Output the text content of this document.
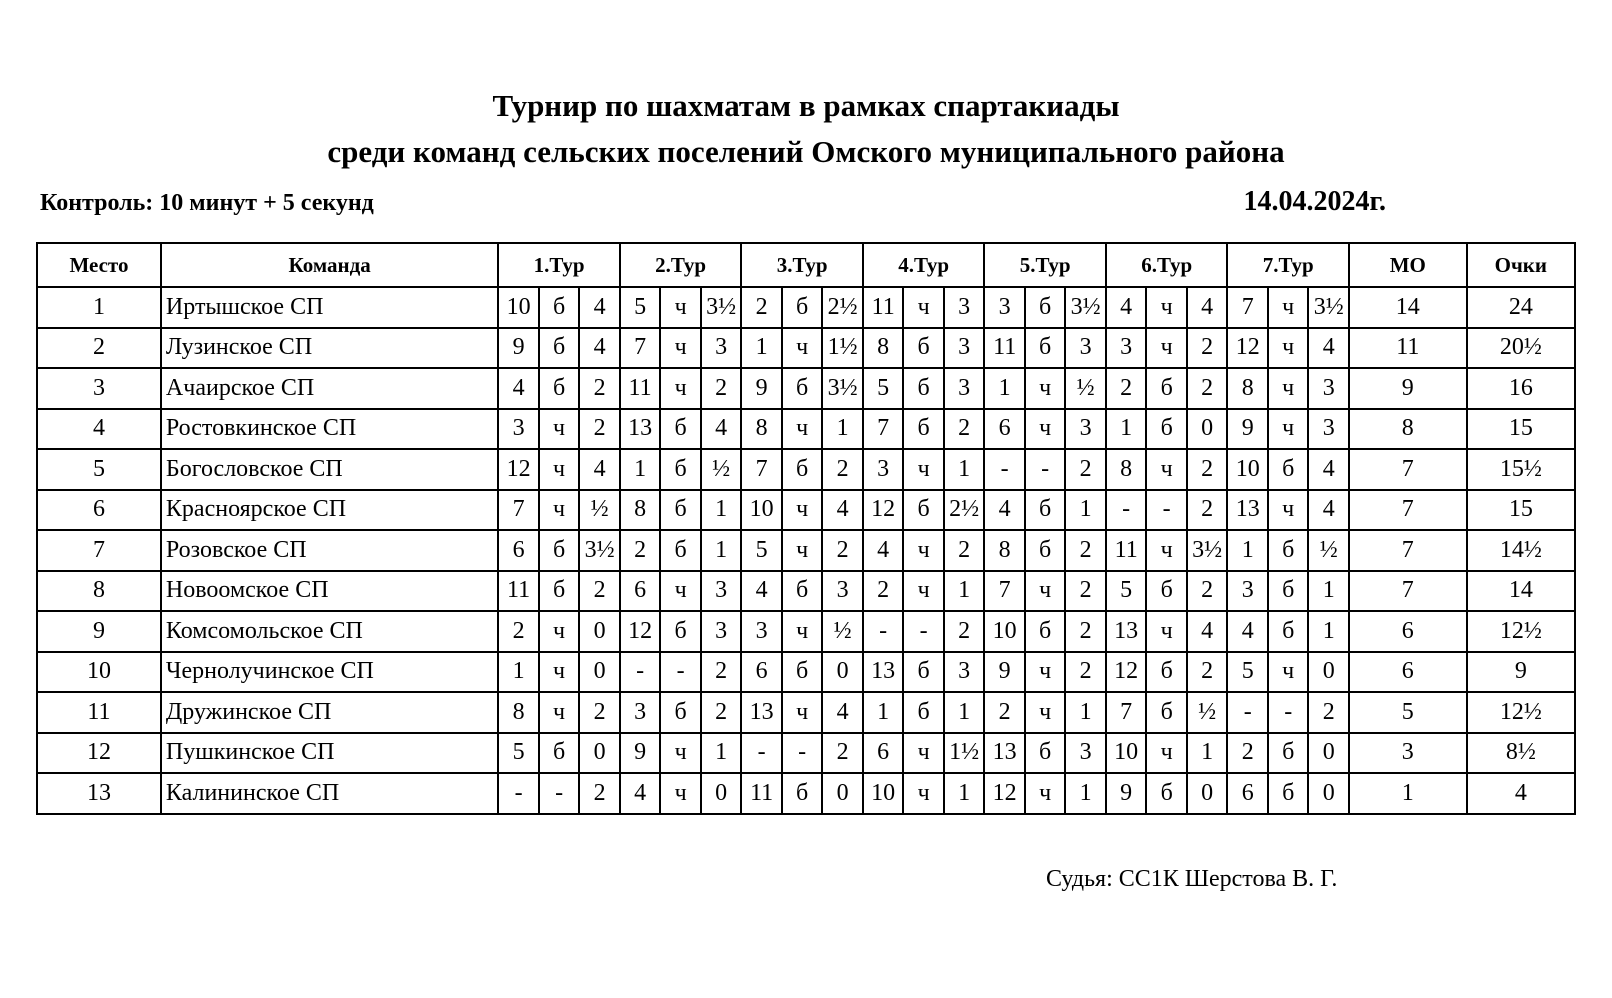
Турнир по шахматам в рамках спартакиады
среди команд сельских поселений Омского муниципального района
Контроль: 10 минут + 5 секунд	14.04.2024г.
Место	Команда	1.Тур			2.Тур			3.Тур			4.Тур			5.Тур			6.Тур			7.Тур			МО	Очки
1	Иртышское СП	10	б	4	5	ч	3½	2	б	2½	11	ч	3	3	б	3½	4	ч	4	7	ч	3½	14	24
2	Лузинское СП	9	б	4	7	ч	3	1	ч	1½	8	б	3	11	б	3	3	ч	2	12	ч	4	11	20½
3	Ачаирское СП	4	б	2	11	ч	2	9	б	3½	5	б	3	1	ч	½	2	б	2	8	ч	3	9	16
4	Ростовкинское СП	3	ч	2	13	б	4	8	ч	1	7	б	2	6	ч	3	1	б	0	9	ч	3	8	15
5	Богословское СП	12	ч	4	1	б	½	7	б	2	3	ч	1	-	-	2	8	ч	2	10	б	4	7	15½
6	Красноярское СП	7	ч	½	8	б	1	10	ч	4	12	б	2½	4	б	1	-	-	2	13	ч	4	7	15
7	Розовское СП	6	б	3½	2	б	1	5	ч	2	4	ч	2	8	б	2	11	ч	3½	1	б	½	7	14½
8	Новоомское СП	11	б	2	6	ч	3	4	б	3	2	ч	1	7	ч	2	5	б	2	3	б	1	7	14
9	Комсомольское СП	2	ч	0	12	б	3	3	ч	½	-	-	2	10	б	2	13	ч	4	4	б	1	6	12½
10	Чернолучинское СП	1	ч	0	-	-	2	6	б	0	13	б	3	9	ч	2	12	б	2	5	ч	0	6	9
11	Дружинское СП	8	ч	2	3	б	2	13	ч	4	1	б	1	2	ч	1	7	б	½	-	-	2	5	12½
12	Пушкинское СП	5	б	0	9	ч	1	-	-	2	6	ч	1½	13	б	3	10	ч	1	2	б	0	3	8½
13	Калининское СП	-	-	2	4	ч	0	11	б	0	10	ч	1	12	ч	1	9	б	0	6	б	0	1	4
Судья: СС1К Шерстова В. Г.
